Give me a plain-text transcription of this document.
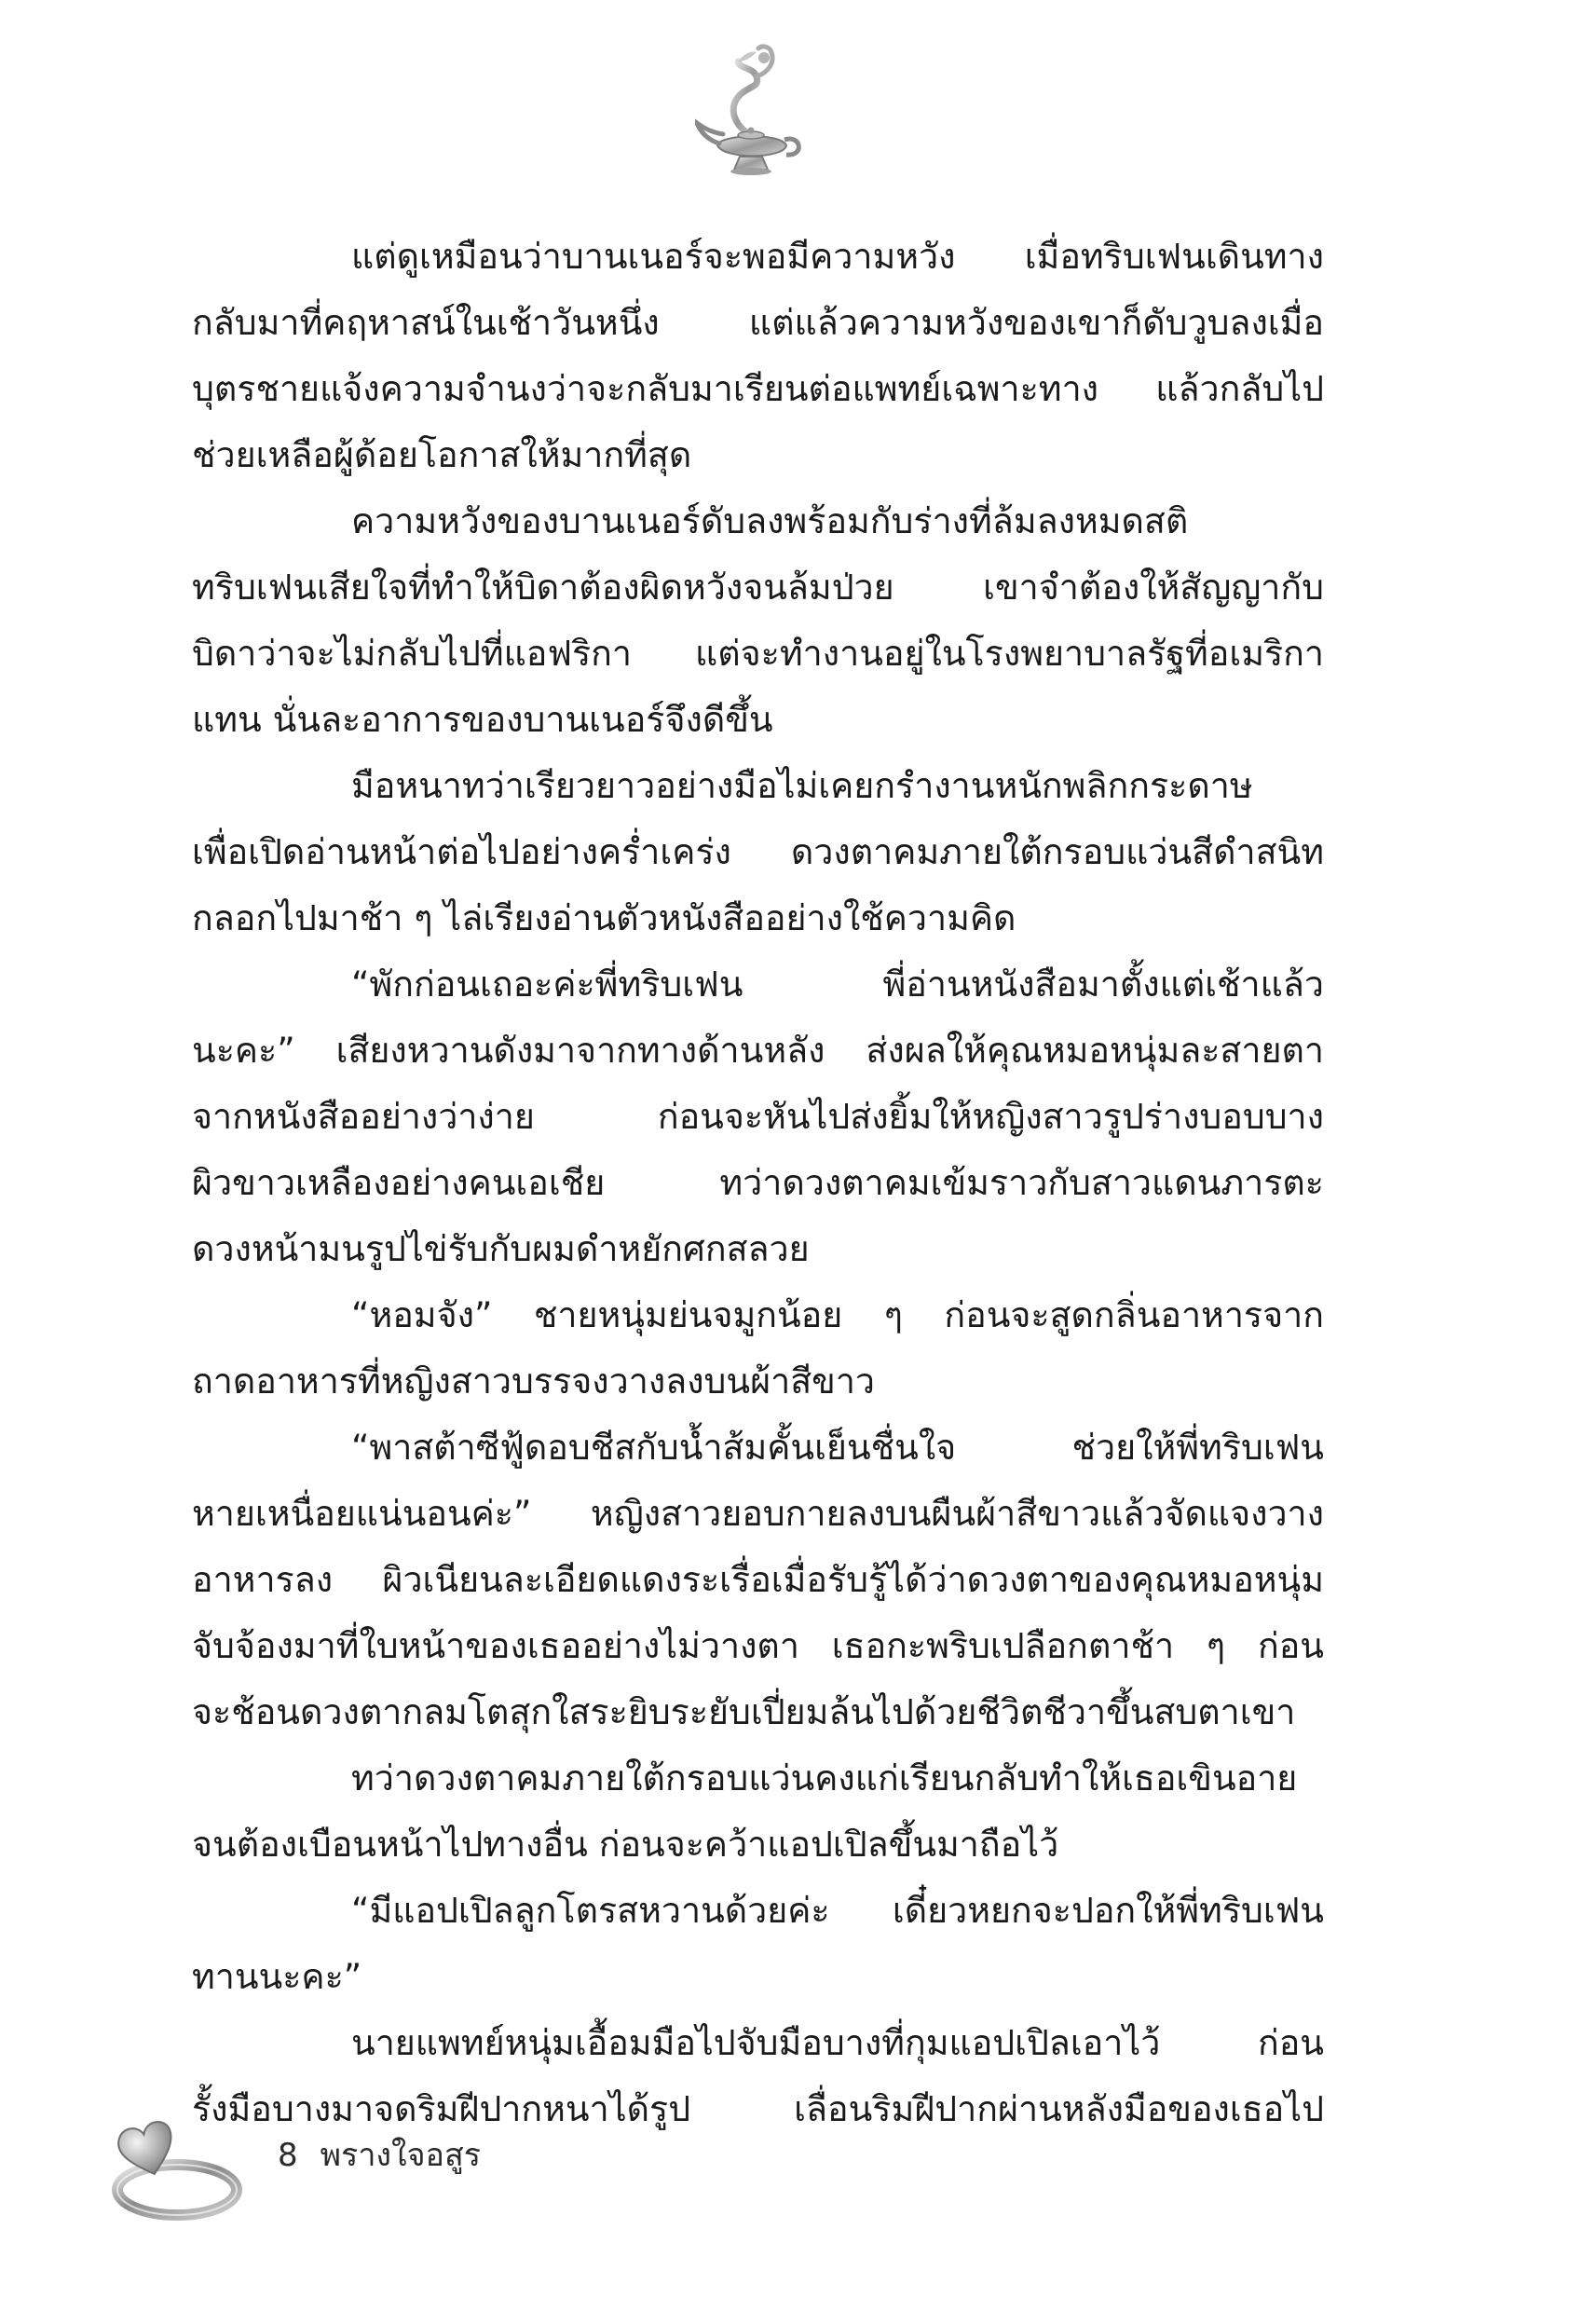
แต่ดูเหมือนว่าบานเนอร์จะพอมีความหวัง เมื่อทริบเฟนเดินทาง
กลับมาที่คฤหาสน์ในเช้าวันหนึ่ง แต่แล้วความหวังของเขาก็ดับวูบลงเมื่อ
บุตรชายแจ้งความจำนงว่าจะกลับมาเรียนต่อแพทย์เฉพาะทาง แล้วกลับไป
ช่วยเหลือผู้ด้อยโอกาสให้มากที่สุด
ความหวังของบานเนอร์ดับลงพร้อมกับร่างที่ล้มลงหมดสติ
ทริบเฟนเสียใจที่ทำให้บิดาต้องผิดหวังจนล้มป่วย เขาจำต้องให้สัญญากับ
บิดาว่าจะไม่กลับไปที่แอฟริกา แต่จะทำงานอยู่ในโรงพยาบาลรัฐที่อเมริกา
แทน นั่นละอาการของบานเนอร์จึงดีขึ้น
มือหนาทว่าเรียวยาวอย่างมือไม่เคยกรำงานหนักพลิกกระดาษ
เพื่อเปิดอ่านหน้าต่อไปอย่างคร่ำเคร่ง ดวงตาคมภายใต้กรอบแว่นสีดำสนิท
กลอกไปมาช้า ๆ ไล่เรียงอ่านตัวหนังสืออย่างใช้ความคิด
“พักก่อนเถอะค่ะพี่ทริบเฟน พี่อ่านหนังสือมาตั้งแต่เช้าแล้ว
นะคะ” เสียงหวานดังมาจากทางด้านหลัง ส่งผลให้คุณหมอหนุ่มละสายตา
จากหนังสืออย่างว่าง่าย ก่อนจะหันไปส่งยิ้มให้หญิงสาวรูปร่างบอบบาง
ผิวขาวเหลืองอย่างคนเอเชีย ทว่าดวงตาคมเข้มราวกับสาวแดนภารตะ
ดวงหน้ามนรูปไข่รับกับผมดำหยักศกสลวย
“หอมจัง” ชายหนุ่มย่นจมูกน้อย ๆ ก่อนจะสูดกลิ่นอาหารจาก
ถาดอาหารที่หญิงสาวบรรจงวางลงบนผ้าสีขาว
“พาสต้าซีฟู้ดอบชีสกับน้ำส้มคั้นเย็นชื่นใจ ช่วยให้พี่ทริบเฟน
หายเหนื่อยแน่นอนค่ะ” หญิงสาวยอบกายลงบนผืนผ้าสีขาวแล้วจัดแจงวาง
อาหารลง ผิวเนียนละเอียดแดงระเรื่อเมื่อรับรู้ได้ว่าดวงตาของคุณหมอหนุ่ม
จับจ้องมาที่ใบหน้าของเธออย่างไม่วางตา เธอกะพริบเปลือกตาช้า ๆ ก่อน
จะช้อนดวงตากลมโตสุกใสระยิบระยับเปี่ยมล้นไปด้วยชีวิตชีวาขึ้นสบตาเขา
ทว่าดวงตาคมภายใต้กรอบแว่นคงแก่เรียนกลับทำให้เธอเขินอาย
จนต้องเบือนหน้าไปทางอื่น ก่อนจะคว้าแอปเปิลขึ้นมาถือไว้
“มีแอปเปิลลูกโตรสหวานด้วยค่ะ เดี๋ยวหยกจะปอกให้พี่ทริบเฟน
ทานนะคะ”
นายแพทย์หนุ่มเอื้อมมือไปจับมือบางที่กุมแอปเปิลเอาไว้ ก่อน
รั้งมือบางมาจดริมฝีปากหนาได้รูป เลื่อนริมฝีปากผ่านหลังมือของเธอไป
8 พรางใจอสูร
